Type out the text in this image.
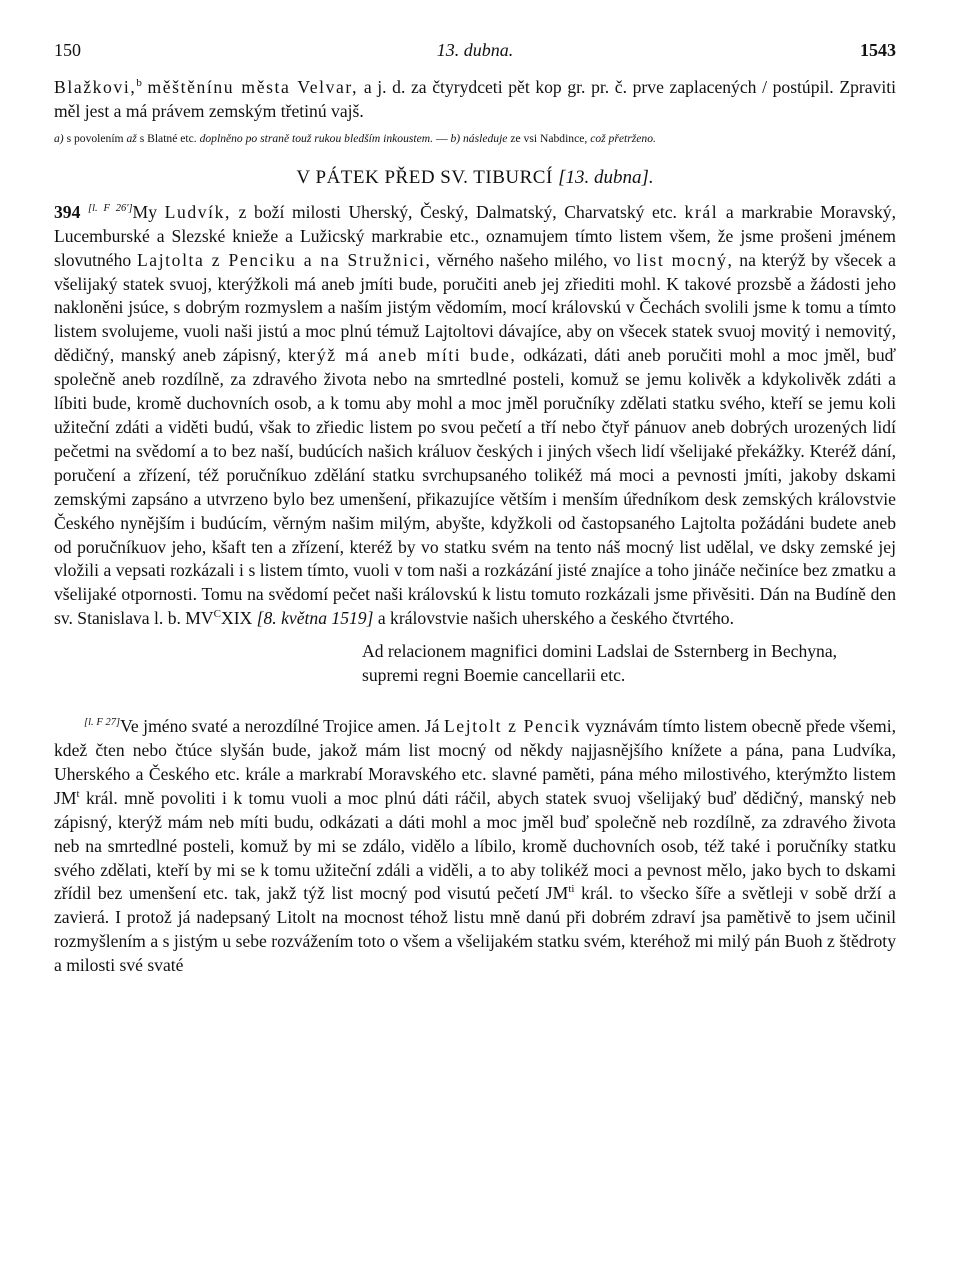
150	13. dubna.	1543

Blažkovi,$^b$ měštěnínu města Velvar, a j. d. za čtyrydceti pět kop gr. pr. č. prve zaplacených / postúpil. Zpraviti měl jest a má právem zemským třetinú vajš.

a) s povolením až s Blatné etc. doplněno po straně touž rukou bledším inkoustem. — b) následuje ze vsi Nabdince, což přetrženo.

V PÁTEK PŘED SV. TIBURCÍ [13. dubna].

394 [l. F 26']My Ludvík, z boží milosti Uherský, Český, Dalmatský, Charvatský etc. král a markrabie Moravský, Lucemburské a Slezské knieže a Lužicský markrabie etc., oznamujem tímto listem všem, že jsme prošeni jménem slovutného Lajtolta z Penciku a na Stružnici, věrného našeho milého, vo list mocný, na kterýž by všecek a všelijaký statek svuoj, kterýžkoli má aneb jmíti bude, poručiti aneb jej zřiediti mohl. K takové prozsbě a žádosti jeho nakloněni jsúce, s dobrým rozmyslem a naším jistým vědomím, mocí královskú v Čechách svolili jsme k tomu a tímto listem svolujeme, vuoli naši jistú a moc plnú témuž Lajtoltovi dávajíce, aby on všecek statek svuoj movitý i nemovitý, dědičný, manský aneb zápisný, kterýž má aneb míti bude, odkázati, dáti aneb poručiti mohl a moc jměl, buď společně aneb rozdílně, za zdravého života nebo na smrtedlné posteli, komuž se jemu kolivěk a kdykolivěk zdáti a líbiti bude, kromě duchovních osob, a k tomu aby mohl a moc jměl poručníky zdělati statku svého, kteří se jemu koli užiteční zdáti a viděti budú, však to zřiedic listem po svou pečetí a tří nebo čtyř pánuov aneb dobrých urozených lidí pečetmi na svědomí a to bez naší, budúcích našich králuov českých i jiných všech lidí všelijaké překážky. Kteréž dání, poručení a zřízení, též poručníkuo zdělání statku svrchupsaného tolikéž má moci a pevnosti jmíti, jakoby dskami zemskými zapsáno a utvrzeno bylo bez umenšení, přikazujíce větším i menším úředníkom desk zemských královstvie Českého nynějším i budúcím, věrným našim milým, abyšte, kdyžkoli od častopsaného Lajtolta požádáni budete aneb od poručníkuov jeho, kšaft ten a zřízení, kteréž by vo statku svém na tento náš mocný list udělal, ve dsky zemské jej vložili a vepsati rozkázali i s listem tímto, vuoli v tom naši a rozkázání jisté znajíce a toho jináče nečiníce bez zmatku a všelijaké otpornosti. Tomu na svědomí pečet naši královskú k listu tomuto rozkázali jsme přivěsiti. Dán na Budíně den sv. Stanislava l. b. $MV^CXIX$ [8. května 1519] a královstvie našich uherského a českého čtvrtého.

Ad relacionem magnifici domini Ladslai de Ssternberg in Bechyna, supremi regni Boemie cancellarii etc.

[l. F 27]Ve jméno svaté a nerozdílné Trojice amen. Já Lejtolt z Pencik vyznávám tímto listem obecně předе všemi, kdež čten nebo čtúce slyšán bude, jakož mám list mocný od někdy najjasnějšího knížete a pána, pana Ludvíka, Uherského a Českého etc. krále a markrabí Moravského etc. slavné paměti, pána mého milostivého, kterýmžto listem $JM^t$ král. mně povoliti i k tomu vuoli a moc plnú dáti ráčil, abych statek svuoj všelijaký buď dědičný, manský neb zápisný, kterýž mám neb míti budu, odkázati a dáti mohl a moc jměl buď společně neb rozdílně, za zdravého života neb na smrtedlné posteli, komuž by mi se zdálo, vidělo a líbilo, kromě duchovních osob, též také i poručníky statku svého zdělati, kteří by mi se k tomu užiteční zdáli a viděli, a to aby tolikéž moci a pevnost mělo, jako bych to dskami zřídil bez umenšení etc. tak, jakž týž list mocný pod visutú pečetí $JM^{ti}$ král. to všecko šíře a světleji v sobě drží a zavierá. I protož já nadepsaný Litolt na mocnost téhož listu mně danú při dobrém zdraví jsa pamětivě to jsem učinil rozmyšlením a s jistým u sebe rozvážením toto o všem a všelijakém statku svém, kteréhož mi milý pán Buoh z štědroty a milosti své svaté
